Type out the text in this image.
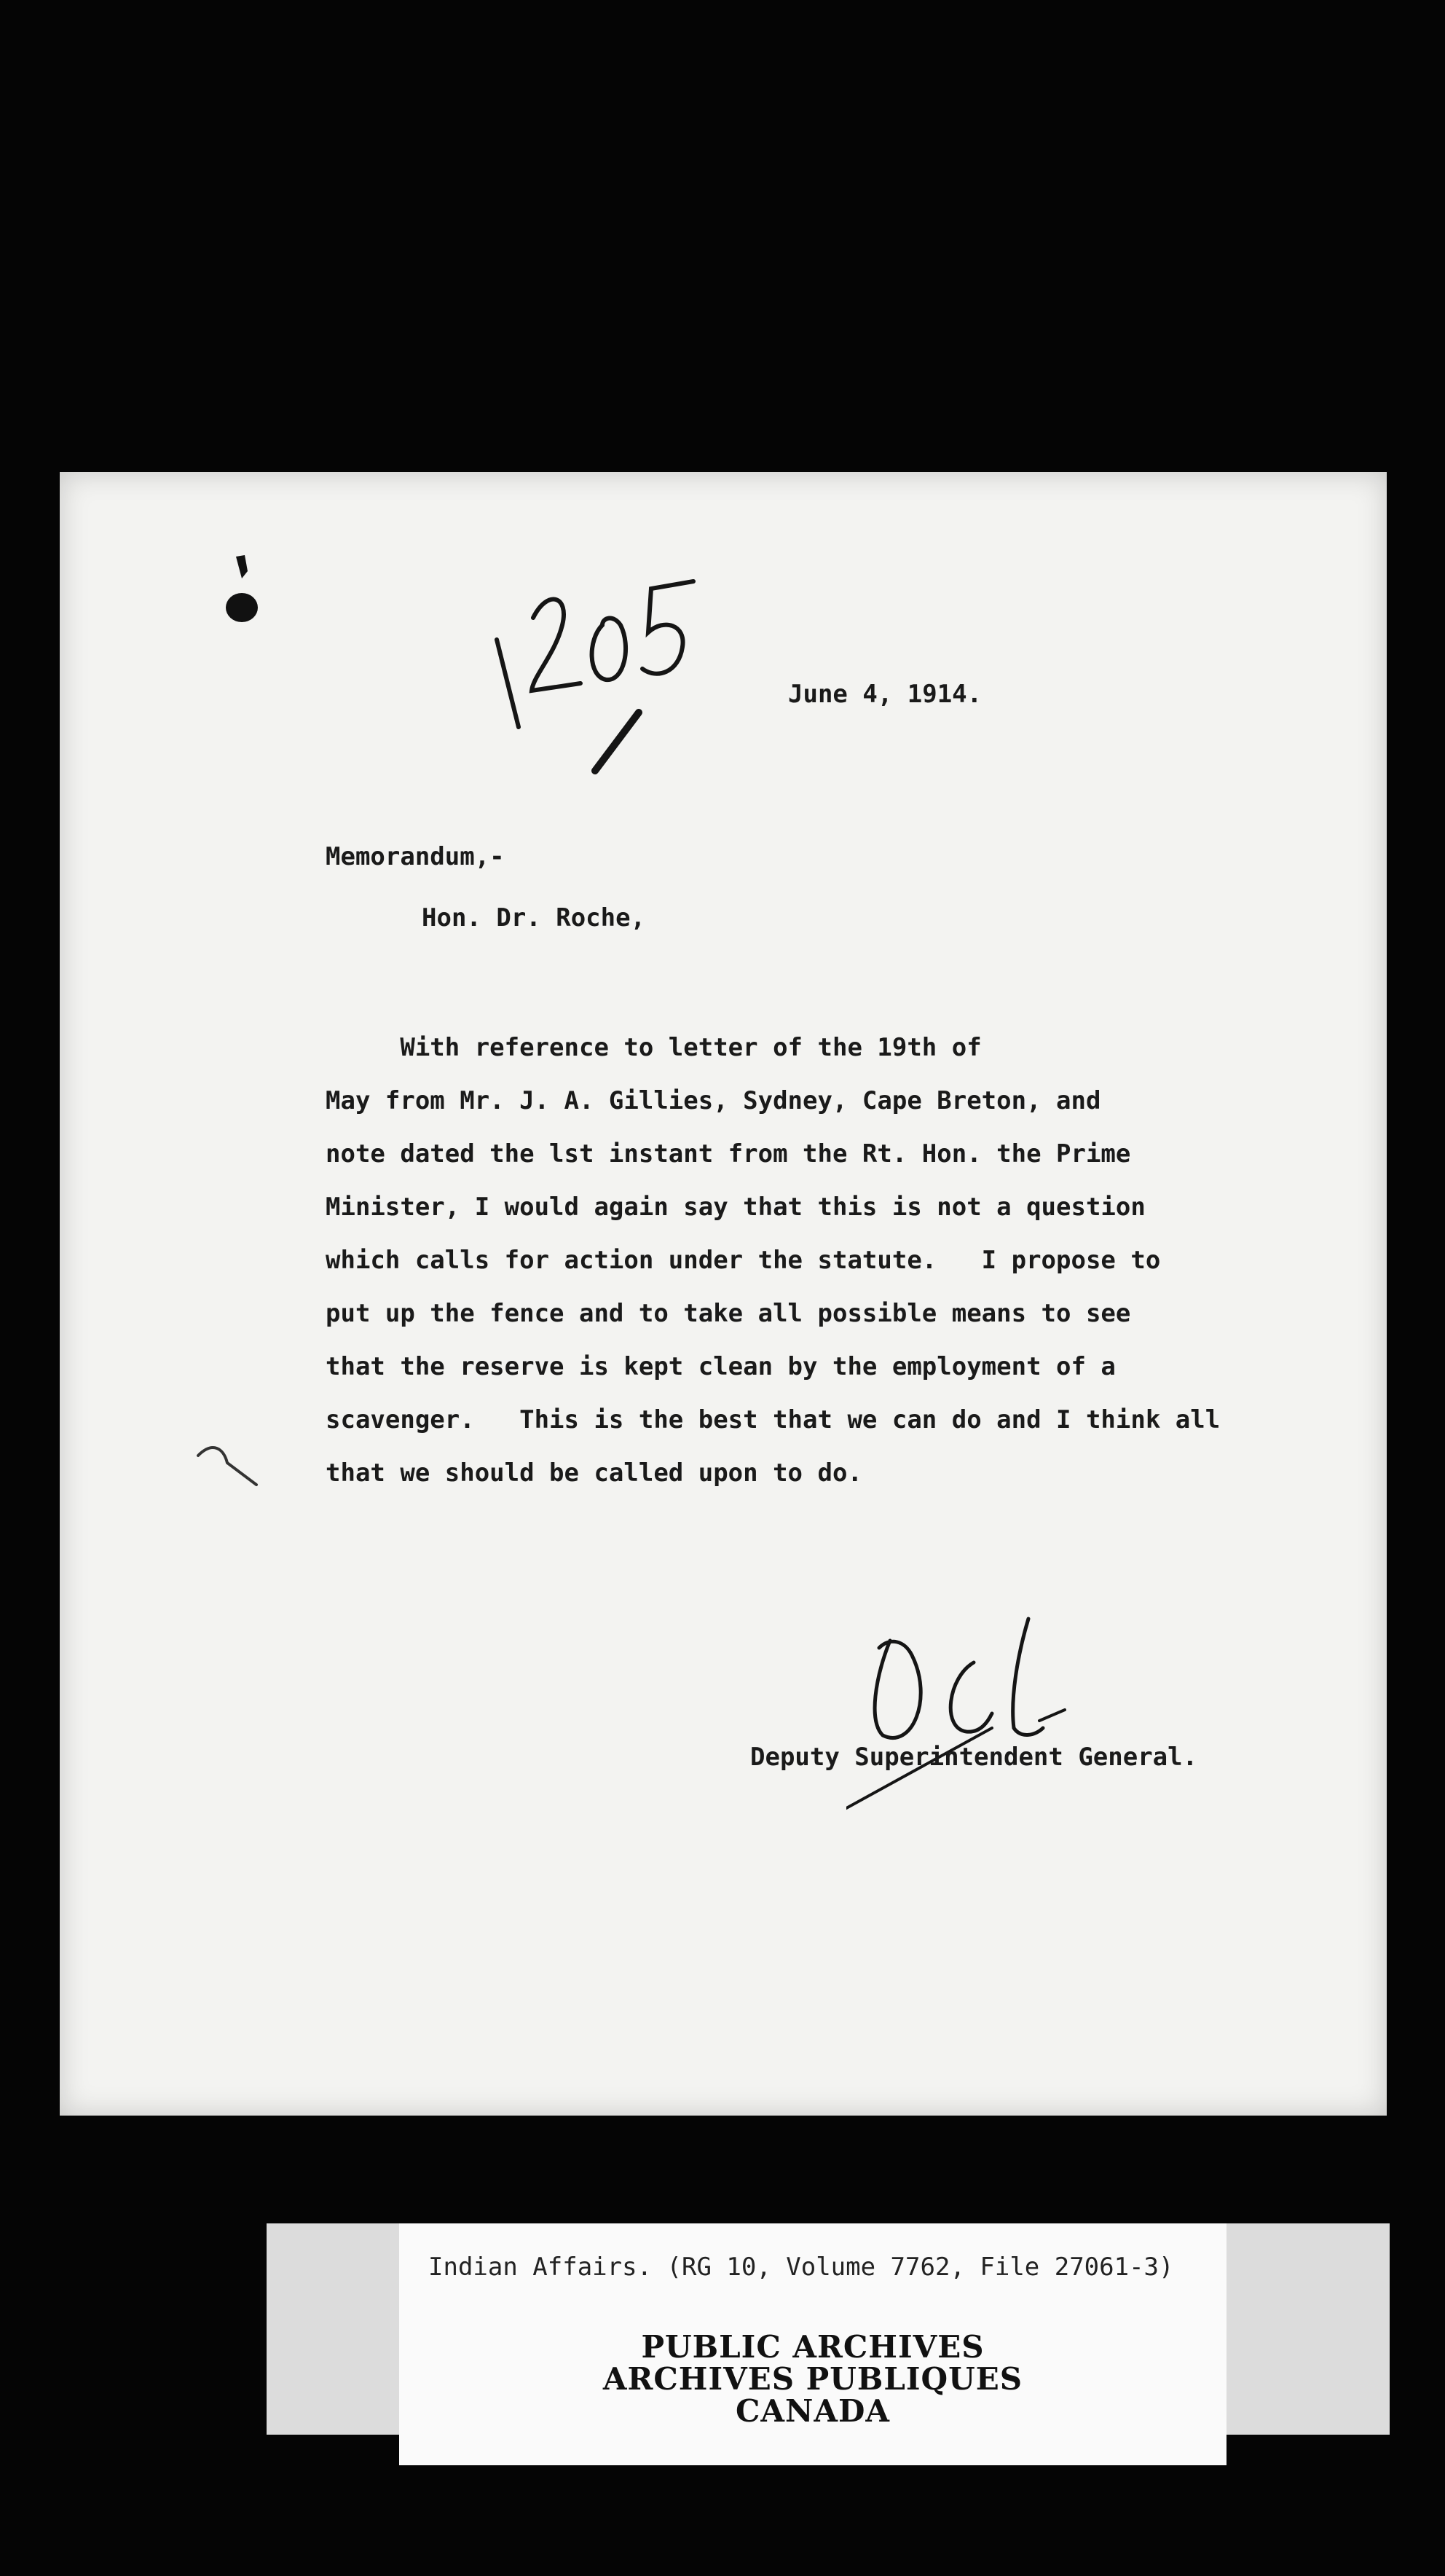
June 4, 1914.

Memorandum,-

Hon. Dr. Roche,

With reference to letter of the 19th of
May from Mr. J. A. Gillies, Sydney, Cape Breton, and
note dated the lst instant from the Rt. Hon. the Prime
Minister, I would again say that this is not a question
which calls for action under the statute.   I propose to
put up the fence and to take all possible means to see
that the reserve is kept clean by the employment of a
scavenger.   This is the best that we can do and I think all
that we should be called upon to do.

Deputy Superintendent General.

Indian Affairs. (RG 10, Volume 7762, File 27061-3)
PUBLIC ARCHIVES
ARCHIVES PUBLIQUES
CANADA
